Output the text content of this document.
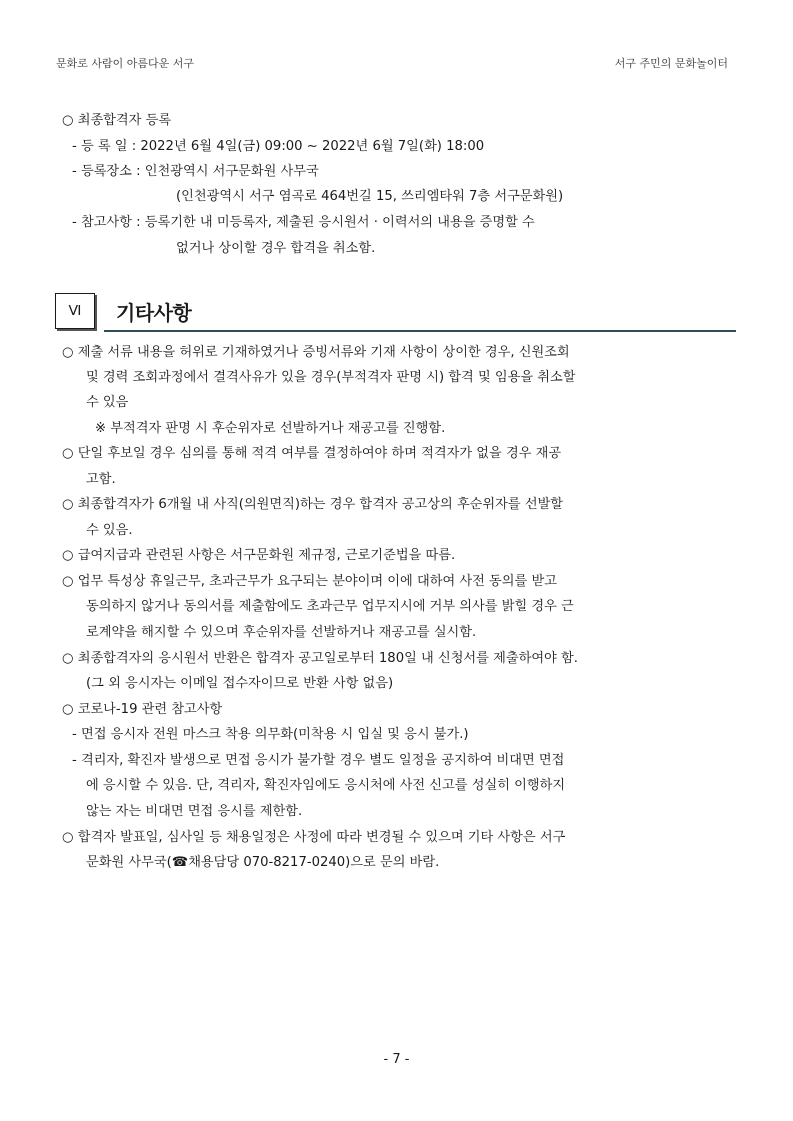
문화로 사람이 아름다운 서구	서구 주민의 문화놀이터
○ 최종합격자 등록
- 등 록 일 : 2022년 6월 4일(금) 09:00 ~ 2022년 6월 7일(화) 18:00
- 등록장소 : 인천광역시 서구문화원 사무국
(인천광역시 서구 염곡로 464번길 15, 쓰리엠타워 7층 서구문화원)
- 참고사항 : 등록기한 내 미등록자, 제출된 응시원서 · 이력서의 내용을 증명할 수
없거나 상이할 경우 합격을 취소함.
Ⅵ	기타사항
○ 제출 서류 내용을 허위로 기재하였거나 증빙서류와 기재 사항이 상이한 경우, 신원조회
및 경력 조회과정에서 결격사유가 있을 경우(부적격자 판명 시) 합격 및 임용을 취소할
수 있음
※ 부적격자 판명 시 후순위자로 선발하거나 재공고를 진행함.
○ 단일 후보일 경우 심의를 통해 적격 여부를 결정하여야 하며 적격자가 없을 경우 재공
고함.
○ 최종합격자가 6개월 내 사직(의원면직)하는 경우 합격자 공고상의 후순위자를 선발할
수 있음.
○ 급여지급과 관련된 사항은 서구문화원 제규정, 근로기준법을 따름.
○ 업무 특성상 휴일근무, 초과근무가 요구되는 분야이며 이에 대하여 사전 동의를 받고
동의하지 않거나 동의서를 제출함에도 초과근무 업무지시에 거부 의사를 밝힐 경우 근
로계약을 해지할 수 있으며 후순위자를 선발하거나 재공고를 실시함.
○ 최종합격자의 응시원서 반환은 합격자 공고일로부터 180일 내 신청서를 제출하여야 함.
(그 외 응시자는 이메일 접수자이므로 반환 사항 없음)
○ 코로나-19 관련 참고사항
- 면접 응시자 전원 마스크 착용 의무화(미착용 시 입실 및 응시 불가.)
- 격리자, 확진자 발생으로 면접 응시가 불가할 경우 별도 일정을 공지하여 비대면 면접
에 응시할 수 있음. 단, 격리자, 확진자임에도 응시처에 사전 신고를 성실히 이행하지
않는 자는 비대면 면접 응시를 제한함.
○ 합격자 발표일, 심사일 등 채용일정은 사정에 따라 변경될 수 있으며 기타 사항은 서구
문화원 사무국(☎채용담당 070-8217-0240)으로 문의 바람.
- 7 -
